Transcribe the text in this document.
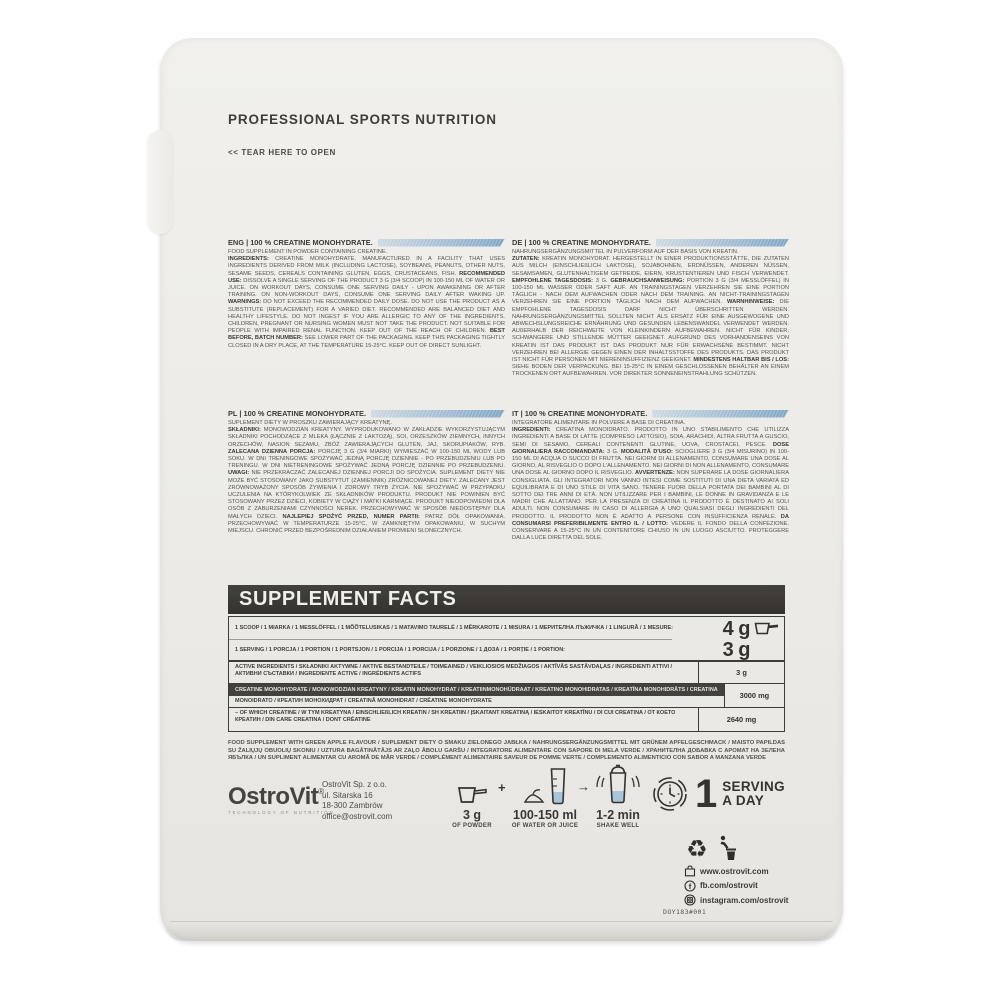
PROFESSIONAL SPORTS NUTRITION
<< TEAR HERE TO OPEN
ENG | 100 % CREATINE MONOHYDRATE.
FOOD SUPPLEMENT IN POWDER CONTAINING CREATINE.
INGREDIENTS: CREATINE MONOHYDRATE. MANUFACTURED IN A FACILITY THAT USES INGREDIENTS DERIVED FROM MILK (INCLUDING LACTOSE), SOYBEANS, PEANUTS, OTHER NUTS, SESAME SEEDS, CEREALS CONTAINING GLUTEN, EGGS, CRUSTACEANS, FISH. RECOMMENDED USE: DISSOLVE A SINGLE SERVING OF THE PRODUCT 3 G (3/4 SCOOP) IN 100-150 ML OF WATER OR JUICE. ON WORKOUT DAYS, CONSUME ONE SERVING DAILY - UPON AWAKENING OR AFTER TRAINING. ON NON-WORKOUT DAYS, CONSUME ONE SERVING DAILY AFTER WAKING UP. WARNINGS: DO NOT EXCEED THE RECOMMENDED DAILY DOSE. DO NOT USE THE PRODUCT AS A SUBSTITUTE (REPLACEMENT) FOR A VARIED DIET. RECOMMENDED ARE BALANCED DIET AND HEALTHY LIFESTYLE. DO NOT INGEST IF YOU ARE ALLERGIC TO ANY OF THE INGREDIENTS. CHILDREN, PREGNANT OR NURSING WOMEN MUST NOT TAKE THE PRODUCT. NOT SUITABLE FOR PEOPLE WITH IMPAIRED RENAL FUNCTION. KEEP OUT OF THE REACH OF CHILDREN. BEST BEFORE, BATCH NUMBER: SEE LOWER PART OF THE PACKAGING. KEEP THIS PACKAGING TIGHTLY CLOSED IN A DRY PLACE, AT THE TEMPERATURE 15-25°C. KEEP OUT OF DIRECT SUNLIGHT.
DE | 100 % CREATINE MONOHYDRATE.
NAHRUNGSERGÄNZUNGSMITTEL IN PULVERFORM AUF DER BASIS VON KREATIN.
ZUTATEN: KREATIN MONOHYDRAT. HERGESTELLT IN EINER PRODUKTIONSSTÄTTE, DIE ZUTATEN AUS MILCH (EINSCHLIEßLICH LAKTOSE), SOJABOHNEN, ERDNÜSSEN, ANDEREN NÜSSEN, SESAMSAMEN, GLUTENHALTIGEM GETREIDE, EIERN, KRUSTENTIEREN UND FISCH VERWENDET. EMPFOHLENE TAGESDOSIS: 3 G. GEBRAUCHSANWEISUNG: PORTION 3 G (3/4 MESSLÖFFEL) IN 100-150 ML WASSER ODER SAFT AUF. AN TRAININGSTAGEN VERZEHREN SIE EINE PORTION TÄGLICH - NACH DEM AUFWACHEN ODER NACH DEM TRAINING. AN NICHT-TRAININGSTAGEN VERZEHREN SIE EINE PORTION TÄGLICH NACH DEM AUFWACHEN. WARNHINWEISE: DIE EMPFOHLENE TAGESDOSIS DARF NICHT ÜBERSCHRITTEN WERDEN. NAHRUNGSERGÄNZUNGSMITTEL SOLLTEN NICHT ALS ERSATZ FÜR EINE AUSGEWOGENE UND ABWECHSLUNGSREICHE ERNÄHRUNG UND GESUNDEN LEBENSWANDEL VERWENDET WERDEN. AUßERHALB DER REICHWEITE VON KLEINKINDERN AUFBEWAHREN. NICHT FÜR KINDER, SCHWANGERE UND STILLENDE MÜTTER GEEIGNET. AUFGRUND DES VORHANDENSEINS VON KREATIN IST DAS PRODUKT IST DAS PRODUKT NUR FÜR ERWACHSENE BESTIMMT. NICHT VERZEHREN BEI ALLERGIE GEGEN EINEN DER INHALTSSTOFFE DES PRODUKTS. DAS PRODUKT IST NICHT FÜR PERSONEN MIT NIERENINSUFFIZIENZ GEEIGNET. MINDESTENS HALTBAR BIS / LOS: SIEHE BODEN DER VERPACKUNG. BEI 15-25°C IN EINEM GESCHLOSSENEN BEHÄLTER AN EINEM TROCKENEN ORT AUFBEWAHREN. VOR DIREKTER SONNENEINSTRAHLUNG SCHÜTZEN.
PL | 100 % CREATINE MONOHYDRATE.
SUPLEMENT DIETY W PROSZKU ZAWIERAJĄCY KREATYNĘ.
SKŁADNIKI: MONOWODZIAN KREATYNY. WYPRODUKOWANO W ZAKŁADZIE WYKORZYSTUJĄCYM SKŁADNIKI POCHODZĄCE Z MLEKA (ŁĄCZNIE Z LAKTOZĄ), SOI, ORZESZKÓW ZIEMNYCH, INNYCH ORZECHÓW, NASION SEZAMU, ZBÓŻ ZAWIERAJĄCYCH GLUTEN, JAJ, SKORUPIAKÓW, RYB. ZALECANA DZIENNA PORCJA: PORCJĘ 3 G (3/4 MIARKI) WYMIESZAĆ W 100-150 ML WODY LUB SOKU. W DNI TRENINGOWE SPOŻYWAĆ JEDNĄ PORCJĘ DZIENNIE - PO PRZEBUDZENIU LUB PO TRENINGU. W DNI NIETRENINGOWE SPOŻYWAĆ JEDNĄ PORCJĘ DZIENNIE PO PRZEBUDZENIU. UWAGI: NIE PRZEKRACZAĆ ZALECANEJ DZIENNEJ PORCJI DO SPOŻYCIA. SUPLEMENT DIETY NIE MOŻE BYĆ STOSOWANY JAKO SUBSTYTUT (ZAMIENNIK) ZRÓŻNICOWANEJ DIETY. ZALECANY JEST ZRÓWNOWAŻONY SPOSÓB ŻYWIENIA I ZDROWY TRYB ŻYCIA. NIE SPOŻYWAĆ W PRZYPADKU UCZULENIA NA KTÓRYKOLWIEK ZE SKŁADNIKÓW PRODUKTU. PRODUKT NIE POWINIEN BYĆ STOSOWANY PRZEZ DZIECI, KOBIETY W CIĄŻY I MATKI KARMIĄCE. PRODUKT NIEODPOWIEDNI DLA OSÓB Z ZABURZENIAMI CZYNNOŚCI NEREK. PRZECHOWYWAĆ W SPOSÓB NIEDOSTĘPNY DLA MAŁYCH DZIECI. NAJLEPIEJ SPOŻYĆ PRZED, NUMER PARTII: PATRZ DÓŁ OPAKOWANIA. PRZECHOWYWAĆ W TEMPERATURZE 15-25°C, W ZAMKNIĘTYM OPAKOWANIU, W SUCHYM MIEJSCU. CHRONIĆ PRZED BEZPOŚREDNIM DZIAŁANIEM PROMIENI SŁONECZNYCH.
IT | 100 % CREATINE MONOHYDRATE.
INTEGRATORE ALIMENTARE IN POLVERE A BASE DI CREATINA.
INGREDIENTI: CREATINA MONOIDRATO. PRODOTTO IN UNO STABILIMENTO CHE UTILIZZA INGREDIENTI A BASE DI LATTE (COMPRESO LATTOSIO), SOIA, ARACHIDI, ALTRA FRUTTA A GUSCIO, SEMI DI SESAMO, CEREALI CONTENENTI GLUTINE, UOVA, CROSTACEI, PESCE. DOSE GIORNALIERA RACCOMANDATA: 3 G. MODALITÀ D'USO: SCIOGLIERE 3 G (3/4 MISURINO) IN 100-150 ML DI ACQUA O SUCCO DI FRUTTA. NEI GIORNI DI ALLENAMENTO, CONSUMARE UNA DOSE AL GIORNO, AL RISVEGLIO O DOPO L'ALLENAMENTO. NEI GIORNI DI NON ALLENAMENTO, CONSUMARE UNA DOSE AL GIORNO DOPO IL RISVEGLIO. AVVERTENZE: NON SUPERARE LA DOSE GIORNALIERA CONSIGLIATA. GLI INTEGRATORI NON VANNO INTESI COME SOSTITUTI DI UNA DIETA VARIATA ED EQUILIBRATA E DI UNO STILE DI VITA SANO. TENERE FUORI DELLA PORTATA DEI BAMBINI AL DI SOTTO DEI TRE ANNI DI ETÀ. NON UTILIZZARE PER I BAMBINI, LE DONNE IN GRAVIDANZA E LE MADRI CHE ALLATTANO. PER LA PRESENZA DI CREATINA IL PRODOTTO È DESTINATO AI SOLI ADULTI. NON CONSUMARE IN CASO DI ALLERGIA A UNO QUALSIASI DEGLI INGREDIENTI DEL PRODOTTO. IL PRODOTTO NON È ADATTO A PERSONE CON INSUFFICIENZA RENALE. DA CONSUMARSI PREFERIBILMENTE ENTRO IL / LOTTO: VEDERE IL FONDO DELLA CONFEZIONE. CONSERVARE A 15-25°C IN UN CONTENITORE CHIUSO IN UN LUOGO ASCIUTTO. PROTEGGERE DALLA LUCE DIRETTA DEL SOLE.
SUPPLEMENT FACTS
1 SCOOP / 1 MIARKA / 1 MESSLÖFFEL / 1 MÕÕTELUSIKAS / 1 MATAVIMO TAURELĖ / 1 MĒRKAROTE / 1 MISURA / 1 МЕРИТЕЛНА ЛЪЖИЧКА / 1 LINGURĂ / 1 MESURE:	4 g
1 SERVING / 1 PORCJA / 1 PORTION / 1 PORTSJON / 1 PORCIJA / 1 PORCIJA / 1 PORZIONE / 1 ДОЗА / 1 PORȚIE / 1 PORTION:	3 g
ACTIVE INGREDIENTS / SKŁADNIKI AKTYWNE / AKTIVE BESTANDTEILE / TOIMEAINED / VEIKLIOSIOS MEDŽIAGOS / AKTĪVĀS SASTĀVDAĻAS / INGREDIENTI ATTIVI / АКТИВНИ СЪСТАВКИ / INGREDIENTE ACTIVE / INGRÉDIENTS ACTIFS	3 g
CREATINE MONOHYDRATE / MONOWODZIAN KREATYNY / KREATIN MONOHYDRAT / KREATIINMONOHÜDRAAT / KREATINO MONOHIDRATAS / KREATĪNA MONOHIDRĀTS / CREATINA
MONOIDRATO / КРЕАТИН МОНОХИДРАТ / CREATINĂ MONOHIDRAT / CRÉATINE MONOHYDRATE
3000 mg
– OF WHICH CREATINE / W TYM KREATYNA / EINSCHLIEßLICH KREATIN / SH KREATIIN / ĮSKAITANT KREATINĄ / IESKAITOT KREATĪNU / DI CUI CREATINA / ОТ КОЕТО КРЕАТИН / DIN CARE CREATINA / DONT CRÉATINE	2640 mg
FOOD SUPPLEMENT WITH GREEN APPLE FLAVOUR / SUPLEMENT DIETY O SMAKU ZIELONEGO JABŁKA / NAHRUNGSERGÄNZUNGSMITTEL MIT GRÜNEM APFELGESCHMACK / MAISTO PAPILDAS SU ŽALIŲJŲ OBUOLIŲ SKONIU / UZTURA BAGĀTINĀTĀJS AR ZAĻO ĀBOLU GARŠU / INTEGRATORE ALIMENTARE CON SAPORE DI MELA VERDE / ХРАНИТЕЛНА ДОБАВКА С АРОМАТ НА ЗЕЛЕНА ЯБЪЛКА / UN SUPLIMENT ALIMENTAR CU AROMĂ DE MĂR VERDE / COMPLÉMENT ALIMENTAIRE SAVEUR DE POMME VERTE / COMPLEMENTO ALIMENTICIO CON SABOR A MANZANA VERDE
OstroVit®
TECHNOLOGY OF NUTRITION
OstroVit Sp. z o.o.
ul. Sitarska 16
18-300 Zambrów
office@ostrovit.com	3 g
OF POWDER
+
100-150 ml
OF WATER OR JUICE
→
1-2 min
SHAKE WELL
1 SERVING
A DAY
♻
www.ostrovit.com
f fb.com/ostrovit
instagram.com/ostrovit
DOY183#001
